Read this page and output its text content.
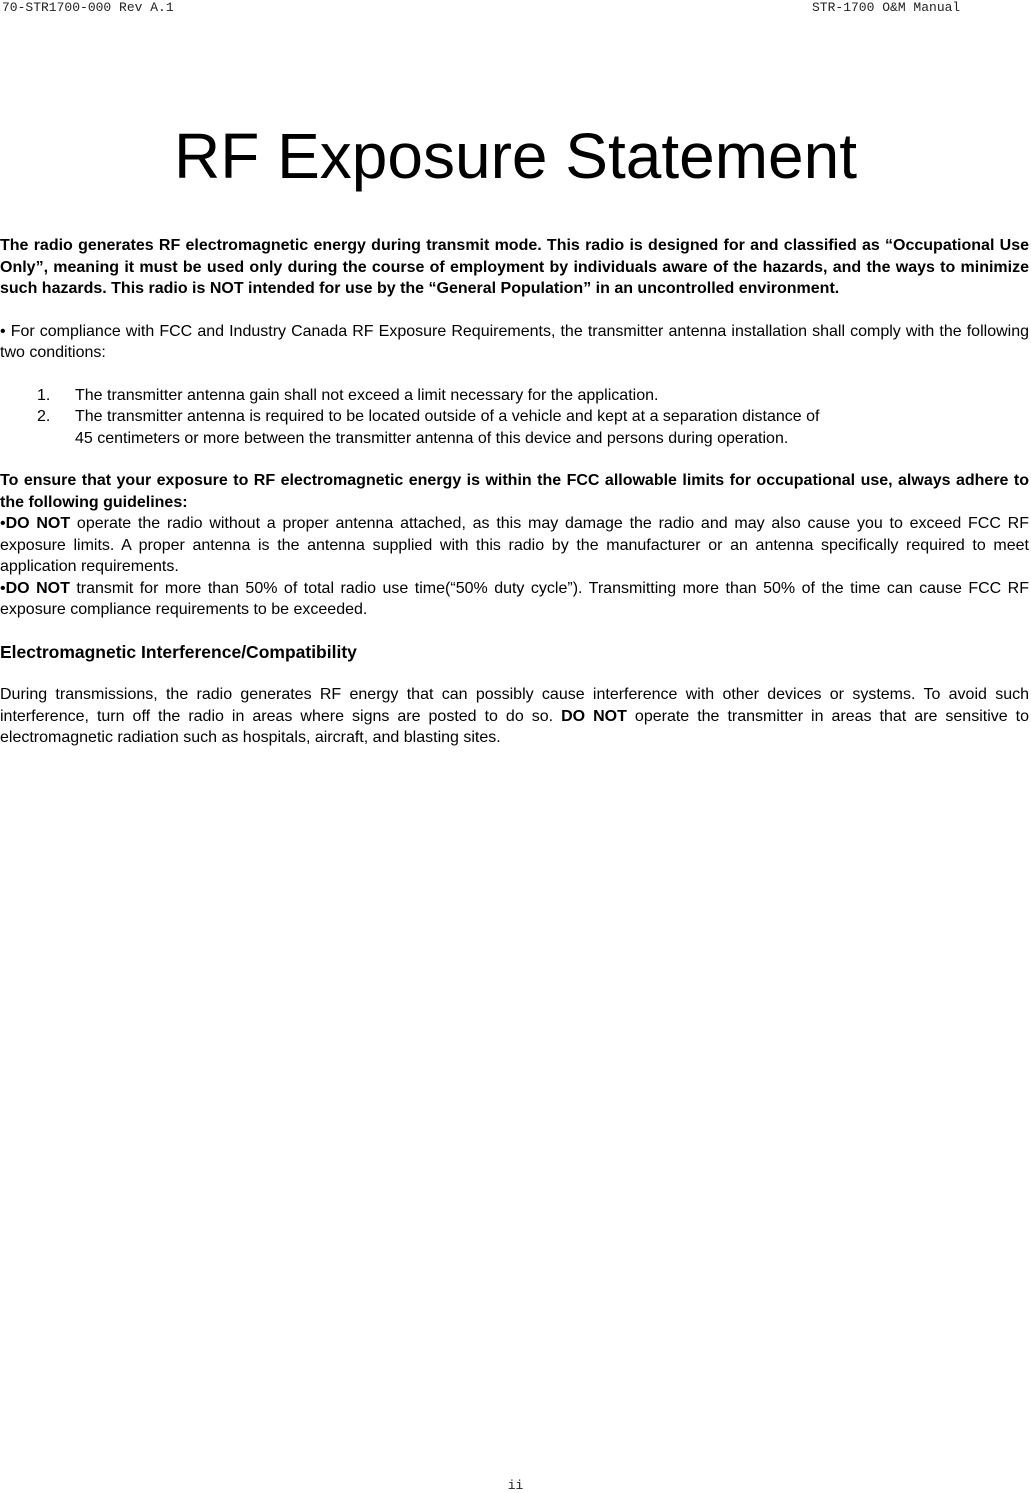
70-STR1700-000 Rev A.1	STR-1700 O&M Manual
RF Exposure Statement

The radio generates RF electromagnetic energy during transmit mode. This radio is designed for and classified as “Occupational Use Only”, meaning it must be used only during the course of employment by individuals aware of the hazards, and the ways to minimize such hazards. This radio is NOT intended for use by the “General Population” in an uncontrolled environment.

• For compliance with FCC and Industry Canada RF Exposure Requirements, the transmitter antenna installation shall comply with the following two conditions:

1. The transmitter antenna gain shall not exceed a limit necessary for the application.
2. The transmitter antenna is required to be located outside of a vehicle and kept at a separation distance of
45 centimeters or more between the transmitter antenna of this device and persons during operation.

To ensure that your exposure to RF electromagnetic energy is within the FCC allowable limits for occupational use, always adhere to the following guidelines:

•DO NOT operate the radio without a proper antenna attached, as this may damage the radio and may also cause you to exceed FCC RF exposure limits. A proper antenna is the antenna supplied with this radio by the manufacturer or an antenna specifically required to meet application requirements.

•DO NOT transmit for more than 50% of total radio use time(“50% duty cycle”). Transmitting more than 50% of the time can cause FCC RF exposure compliance requirements to be exceeded.

Electromagnetic Interference/Compatibility

During transmissions, the radio generates RF energy that can possibly cause interference with other devices or systems. To avoid such interference, turn off the radio in areas where signs are posted to do so. DO NOT operate the transmitter in areas that are sensitive to electromagnetic radiation such as hospitals, aircraft, and blasting sites.

ii
